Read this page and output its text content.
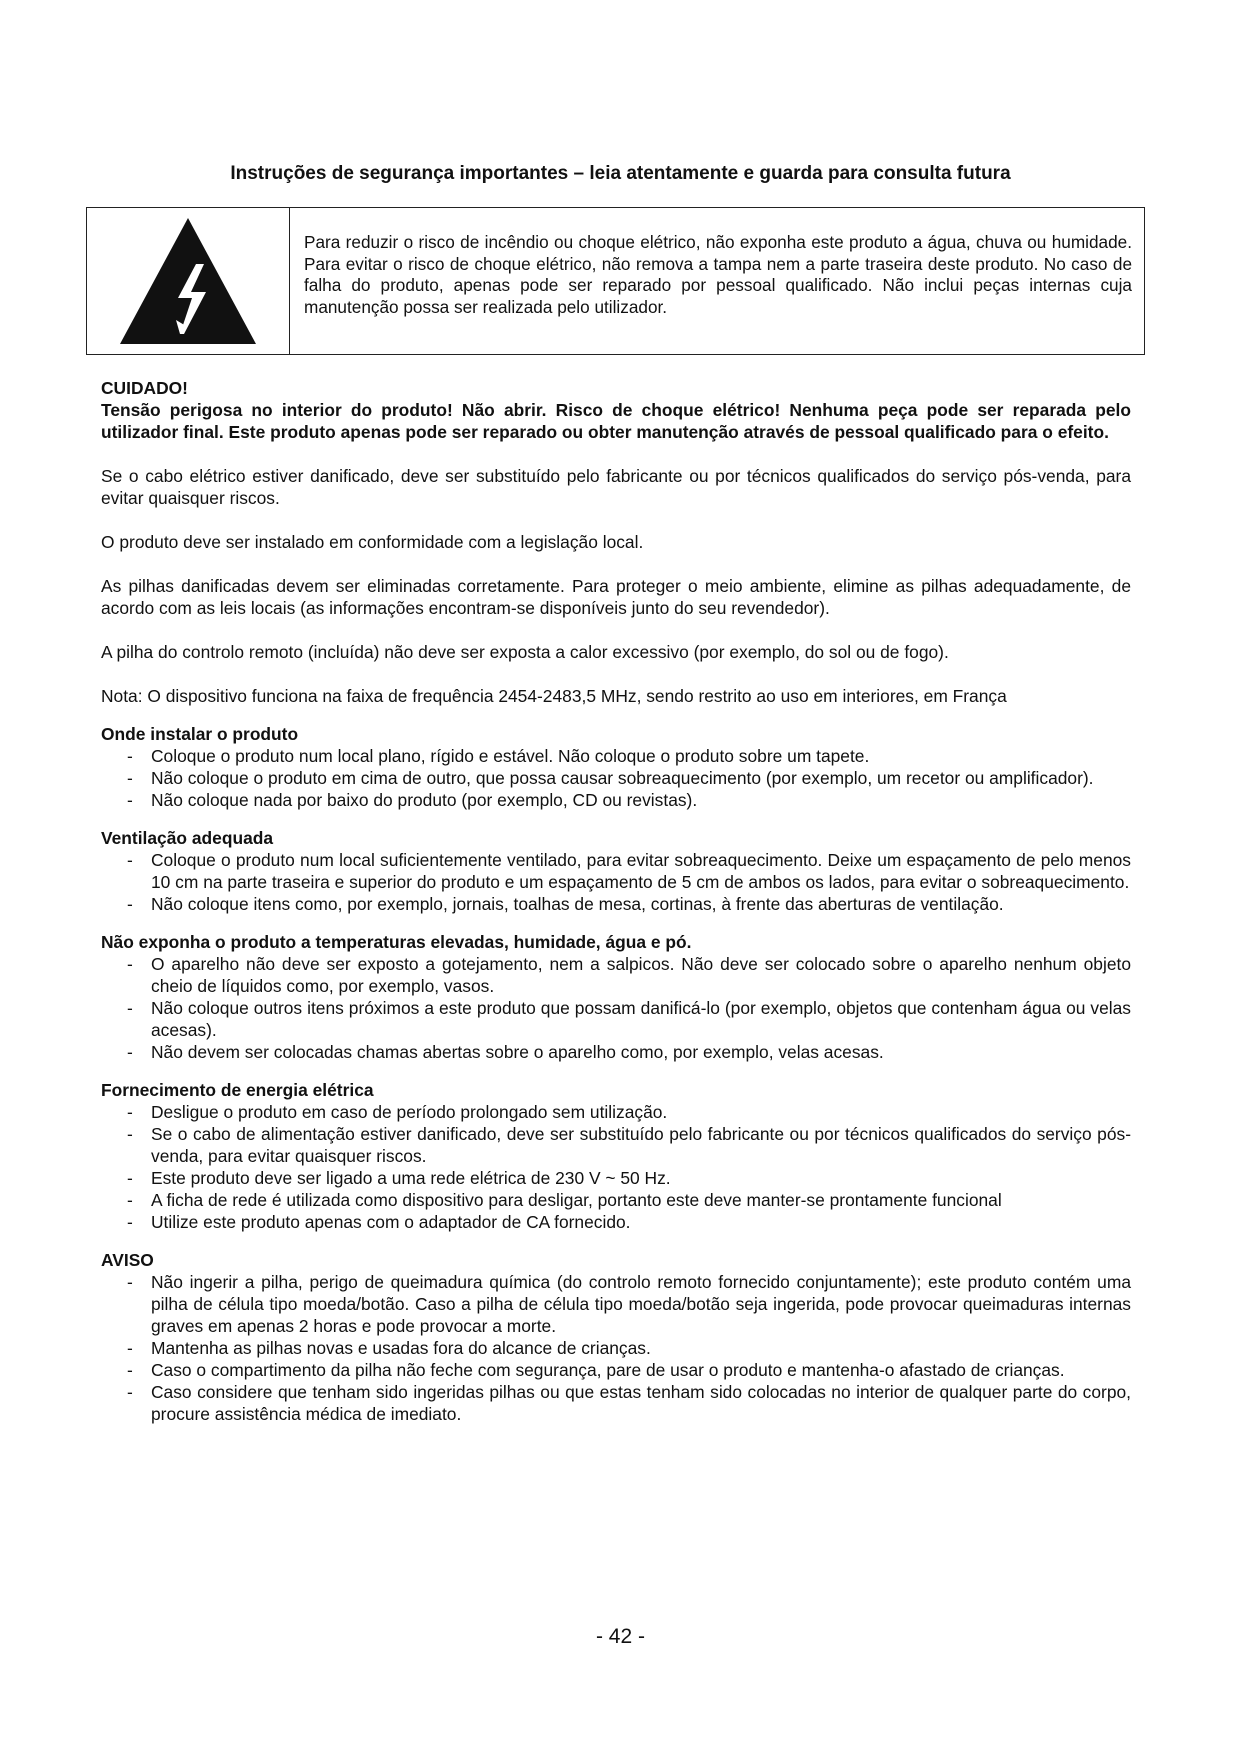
Instruções de segurança importantes – leia atentamente e guarda para consulta futura
Para reduzir o risco de incêndio ou choque elétrico, não exponha este produto a água, chuva ou humidade. Para evitar o risco de choque elétrico, não remova a tampa nem a parte traseira deste produto. No caso de falha do produto, apenas pode ser reparado por pessoal qualificado. Não inclui peças internas cuja manutenção possa ser realizada pelo utilizador.

CUIDADO!

Tensão perigosa no interior do produto! Não abrir. Risco de choque elétrico! Nenhuma peça pode ser reparada pelo utilizador final. Este produto apenas pode ser reparado ou obter manutenção através de pessoal qualificado para o efeito.

Se o cabo elétrico estiver danificado, deve ser substituído pelo fabricante ou por técnicos qualificados do serviço pós-venda, para evitar quaisquer riscos.

O produto deve ser instalado em conformidade com a legislação local.

As pilhas danificadas devem ser eliminadas corretamente. Para proteger o meio ambiente, elimine as pilhas adequadamente, de acordo com as leis locais (as informações encontram-se disponíveis junto do seu revendedor).

A pilha do controlo remoto (incluída) não deve ser exposta a calor excessivo (por exemplo, do sol ou de fogo).

Nota: O dispositivo funciona na faixa de frequência 2454-2483,5 MHz, sendo restrito ao uso em interiores, em França

Onde instalar o produto

- Coloque o produto num local plano, rígido e estável. Não coloque o produto sobre um tapete.
- Não coloque o produto em cima de outro, que possa causar sobreaquecimento (por exemplo, um recetor ou amplificador).
- Não coloque nada por baixo do produto (por exemplo, CD ou revistas).

Ventilação adequada

- Coloque o produto num local suficientemente ventilado, para evitar sobreaquecimento. Deixe um espaçamento de pelo menos 10 cm na parte traseira e superior do produto e um espaçamento de 5 cm de ambos os lados, para evitar o sobreaquecimento.
- Não coloque itens como, por exemplo, jornais, toalhas de mesa, cortinas, à frente das aberturas de ventilação.

Não exponha o produto a temperaturas elevadas, humidade, água e pó.

- O aparelho não deve ser exposto a gotejamento, nem a salpicos. Não deve ser colocado sobre o aparelho nenhum objeto cheio de líquidos como, por exemplo, vasos.
- Não coloque outros itens próximos a este produto que possam danificá-lo (por exemplo, objetos que contenham água ou velas acesas).
- Não devem ser colocadas chamas abertas sobre o aparelho como, por exemplo, velas acesas.

Fornecimento de energia elétrica

- Desligue o produto em caso de período prolongado sem utilização.
- Se o cabo de alimentação estiver danificado, deve ser substituído pelo fabricante ou por técnicos qualificados do serviço pós-venda, para evitar quaisquer riscos.
- Este produto deve ser ligado a uma rede elétrica de 230 V ~ 50 Hz.
- A ficha de rede é utilizada como dispositivo para desligar, portanto este deve manter-se prontamente funcional
- Utilize este produto apenas com o adaptador de CA fornecido.

AVISO

- Não ingerir a pilha, perigo de queimadura química (do controlo remoto fornecido conjuntamente); este produto contém uma pilha de célula tipo moeda/botão. Caso a pilha de célula tipo moeda/botão seja ingerida, pode provocar queimaduras internas graves em apenas 2 horas e pode provocar a morte.
- Mantenha as pilhas novas e usadas fora do alcance de crianças.
- Caso o compartimento da pilha não feche com segurança, pare de usar o produto e mantenha-o afastado de crianças.
- Caso considere que tenham sido ingeridas pilhas ou que estas tenham sido colocadas no interior de qualquer parte do corpo, procure assistência médica de imediato.
- 42 -
